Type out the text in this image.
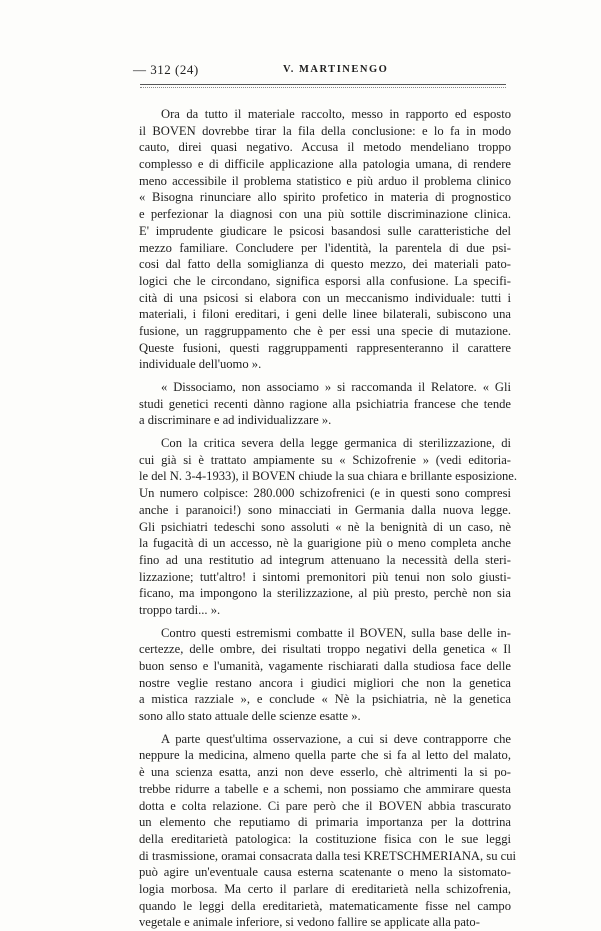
— 312 (24)	V. MARTINENGO
Ora da tutto il materiale raccolto, messo in rapporto ed esposto
il BOVEN dovrebbe tirar la fila della conclusione: e lo fa in modo
cauto, direi quasi negativo. Accusa il metodo mendeliano troppo
complesso e di difficile applicazione alla patologia umana, di rendere
meno accessibile il problema statistico e più arduo il problema clinico
« Bisogna rinunciare allo spirito profetico in materia di prognostico
e perfezionar la diagnosi con una più sottile discriminazione clinica.
E' imprudente giudicare le psicosi basandosi sulle caratteristiche del
mezzo familiare. Concludere per l'identità, la parentela di due psi-
cosi dal fatto della somiglianza di questo mezzo, dei materiali pato-
logici che le circondano, significa esporsi alla confusione. La specifi-
cità di una psicosi si elabora con un meccanismo individuale: tutti i
materiali, i filoni ereditari, i geni delle linee bilaterali, subiscono una
fusione, un raggruppamento che è per essi una specie di mutazione.
Queste fusioni, questi raggruppamenti rappresenteranno il carattere
individuale dell'uomo ».
« Dissociamo, non associamo » si raccomanda il Relatore. « Gli
studi genetici recenti dànno ragione alla psichiatria francese che tende
a discriminare e ad individualizzare ».
Con la critica severa della legge germanica di sterilizzazione, di
cui già si è trattato ampiamente su « Schizofrenie » (vedi editoria-
le del N. 3-4-1933), il BOVEN chiude la sua chiara e brillante esposizione.
Un numero colpisce: 280.000 schizofrenici (e in questi sono compresi
anche i paranoici!) sono minacciati in Germania dalla nuova legge.
Gli psichiatri tedeschi sono assoluti « nè la benignità di un caso, nè
la fugacità di un accesso, nè la guarigione più o meno completa anche
fino ad una restitutio ad integrum attenuano la necessità della steri-
lizzazione; tutt'altro! i sintomi premonitori più tenui non solo giusti-
ficano, ma impongono la sterilizzazione, al più presto, perchè non sia
troppo tardi... ».
Contro questi estremismi combatte il BOVEN, sulla base delle in-
certezze, delle ombre, dei risultati troppo negativi della genetica « Il
buon senso e l'umanità, vagamente rischiarati dalla studiosa face delle
nostre veglie restano ancora i giudici migliori che non la genetica
a mistica razziale », e conclude « Nè la psichiatria, nè la genetica
sono allo stato attuale delle scienze esatte ».
A parte quest'ultima osservazione, a cui si deve contrapporre che
neppure la medicina, almeno quella parte che si fa al letto del malato,
è una scienza esatta, anzi non deve esserlo, chè altrimenti la si po-
trebbe ridurre a tabelle e a schemi, non possiamo che ammirare questa
dotta e colta relazione. Ci pare però che il BOVEN abbia trascurato
un elemento che reputiamo di primaria importanza per la dottrina
della ereditarietà patologica: la costituzione fisica con le sue leggi
di trasmissione, oramai consacrata dalla tesi KRETSCHMERIANA, su cui
può agire un'eventuale causa esterna scatenante o meno la sistomato-
logia morbosa. Ma certo il parlare di ereditarietà nella schizofrenia,
quando le leggi della ereditarietà, matematicamente fisse nel campo
vegetale e animale inferiore, si vedono fallire se applicate alla pato-
